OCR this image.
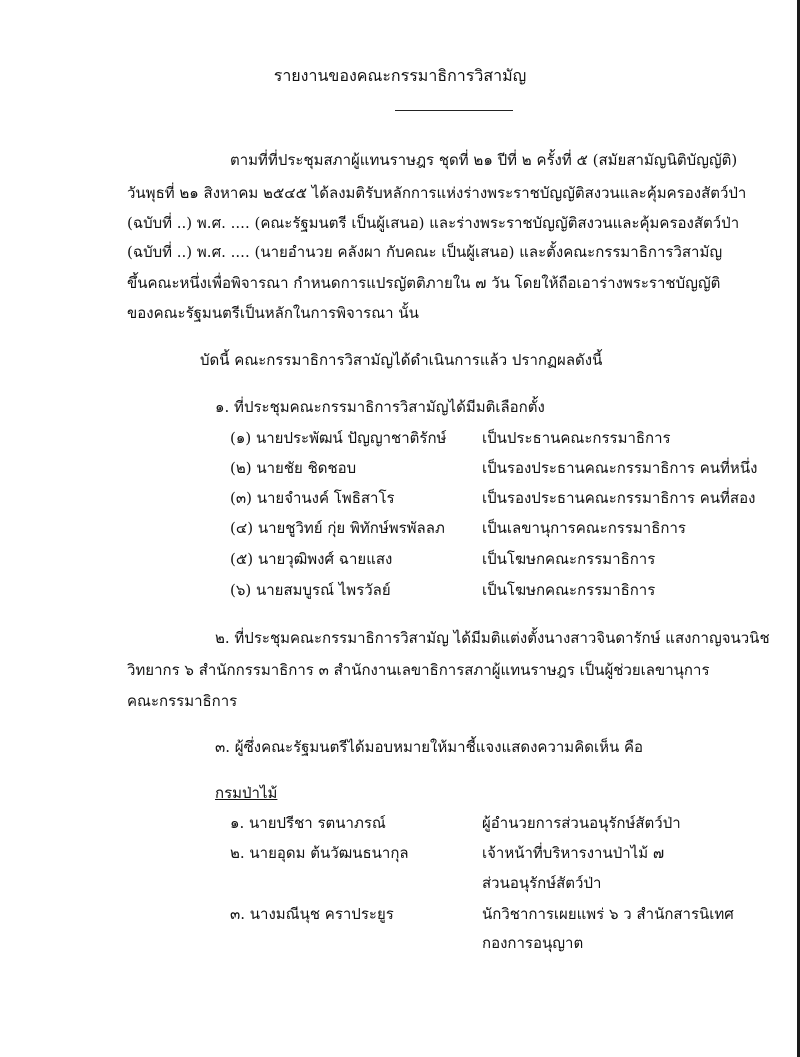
รายงานของคณะกรรมาธิการวิสามัญ
ตามที่ที่ประชุมสภาผู้แทนราษฎร ชุดที่ ๒๑ ปีที่ ๒ ครั้งที่ ๕ (สมัยสามัญนิติบัญญัติ)
วันพุธที่ ๒๑ สิงหาคม ๒๕๔๕ ได้ลงมติรับหลักการแห่งร่างพระราชบัญญัติสงวนและคุ้มครองสัตว์ป่า
(ฉบับที่ ..) พ.ศ. .... (คณะรัฐมนตรี เป็นผู้เสนอ) และร่างพระราชบัญญัติสงวนและคุ้มครองสัตว์ป่า
(ฉบับที่ ..) พ.ศ. .... (นายอำนวย คลังผา กับคณะ เป็นผู้เสนอ) และตั้งคณะกรรมาธิการวิสามัญ
ขึ้นคณะหนึ่งเพื่อพิจารณา กำหนดการแปรญัตติภายใน ๗ วัน โดยให้ถือเอาร่างพระราชบัญญัติ
ของคณะรัฐมนตรีเป็นหลักในการพิจารณา นั้น
บัดนี้ คณะกรรมาธิการวิสามัญได้ดำเนินการแล้ว ปรากฏผลดังนี้
๑. ที่ประชุมคณะกรรมาธิการวิสามัญได้มีมติเลือกตั้ง
(๑) นายประพัฒน์ ปัญญาชาติรักษ์ เป็นประธานคณะกรรมาธิการ
(๒) นายชัย ชิดชอบ	เป็นรองประธานคณะกรรมาธิการ คนที่หนึ่ง
(๓) นายจำนงค์ โพธิสาโร	เป็นรองประธานคณะกรรมาธิการ คนที่สอง
(๔) นายชูวิทย์ กุ่ย พิทักษ์พรพัลลภ เป็นเลขานุการคณะกรรมาธิการ
(๕) นายวุฒิพงศ์ ฉายแสง	เป็นโฆษกคณะกรรมาธิการ
(๖) นายสมบูรณ์ ไพรวัลย์	เป็นโฆษกคณะกรรมาธิการ
๒. ที่ประชุมคณะกรรมาธิการวิสามัญ ได้มีมติแต่งตั้งนางสาวจินดารักษ์ แสงกาญจนวนิช
วิทยากร ๖ สำนักกรรมาธิการ ๓ สำนักงานเลขาธิการสภาผู้แทนราษฎร เป็นผู้ช่วยเลขานุการ
คณะกรรมาธิการ
๓. ผู้ซึ่งคณะรัฐมนตรีได้มอบหมายให้มาชี้แจงแสดงความคิดเห็น คือ
กรมป่าไม้
๑. นายปรีชา รตนาภรณ์	ผู้อำนวยการส่วนอนุรักษ์สัตว์ป่า
๒. นายอุดม ต้นวัฒนธนากุล	เจ้าหน้าที่บริหารงานป่าไม้ ๗
ส่วนอนุรักษ์สัตว์ป่า
๓. นางมณีนุช คราประยูร	นักวิชาการเผยแพร่ ๖ ว สำนักสารนิเทศ
กองการอนุญาต
